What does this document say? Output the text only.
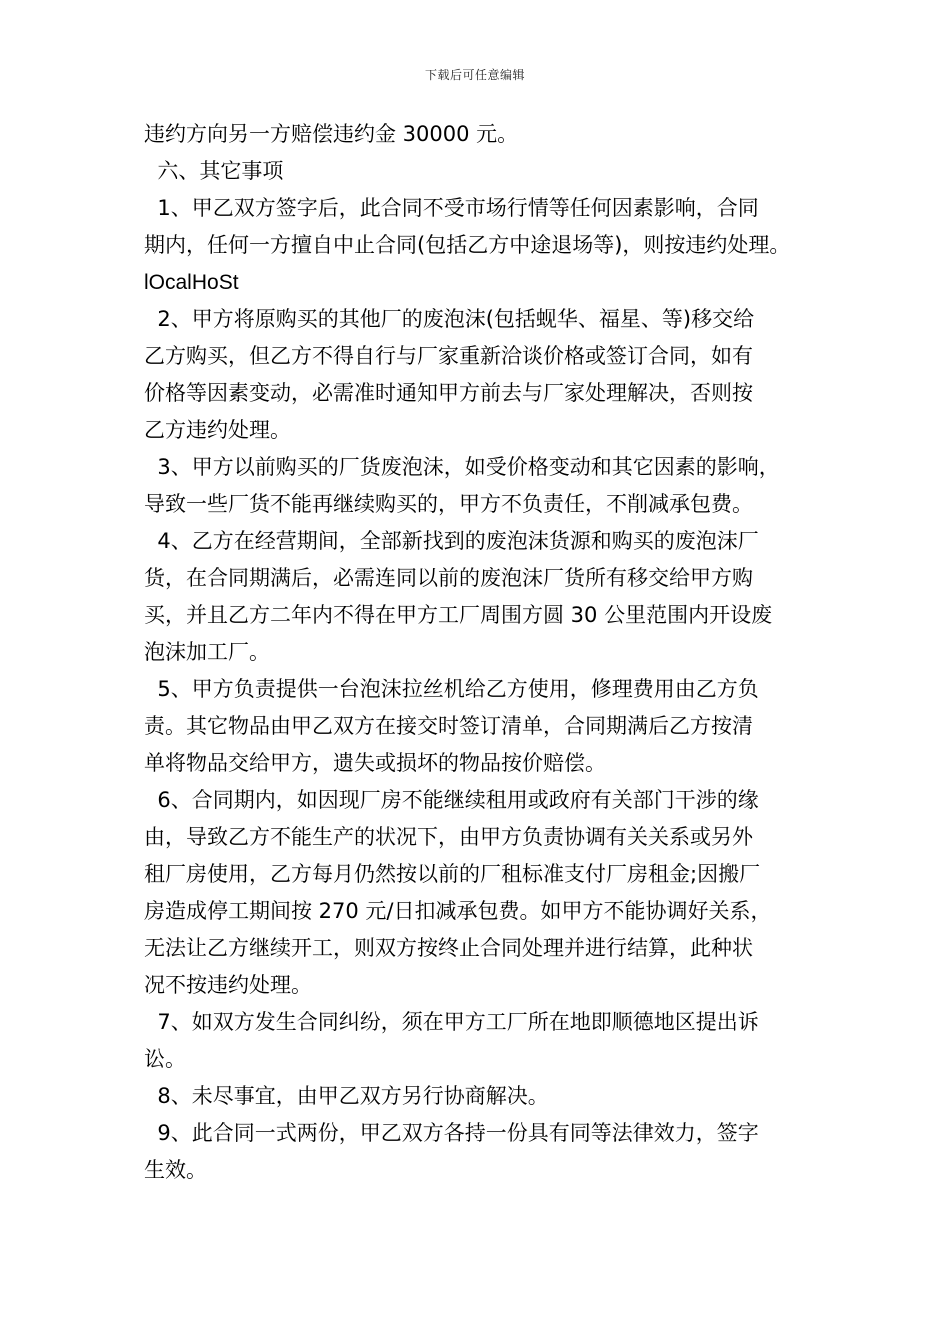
下载后可任意编辑
违约方向另一方赔偿违约金 30000 元。
六、其它事项
1、甲乙双方签字后，此合同不受市场行情等任何因素影响，合同
期内，任何一方擅自中止合同(包括乙方中途退场等)，则按违约处理。
lOcalHoSt
2、甲方将原购买的其他厂的废泡沫(包括蚬华、福星、等)移交给
乙方购买，但乙方不得自行与厂家重新洽谈价格或签订合同，如有
价格等因素变动，必需准时通知甲方前去与厂家处理解决，否则按
乙方违约处理。
3、甲方以前购买的厂货废泡沫，如受价格变动和其它因素的影响，
导致一些厂货不能再继续购买的，甲方不负责任，不削减承包费。
4、乙方在经营期间，全部新找到的废泡沫货源和购买的废泡沫厂
货，在合同期满后，必需连同以前的废泡沫厂货所有移交给甲方购
买，并且乙方二年内不得在甲方工厂周围方圆 30 公里范围内开设废
泡沫加工厂。
5、甲方负责提供一台泡沫拉丝机给乙方使用，修理费用由乙方负
责。其它物品由甲乙双方在接交时签订清单，合同期满后乙方按清
单将物品交给甲方，遗失或损坏的物品按价赔偿。
6、合同期内，如因现厂房不能继续租用或政府有关部门干涉的缘
由，导致乙方不能生产的状况下，由甲方负责协调有关关系或另外
租厂房使用，乙方每月仍然按以前的厂租标准支付厂房租金;因搬厂
房造成停工期间按 270 元/日扣减承包费。如甲方不能协调好关系，
无法让乙方继续开工，则双方按终止合同处理并进行结算，此种状
况不按违约处理。
7、如双方发生合同纠纷，须在甲方工厂所在地即顺德地区提出诉
讼。
8、未尽事宜，由甲乙双方另行协商解决。
9、此合同一式两份，甲乙双方各持一份具有同等法律效力，签字
生效。
